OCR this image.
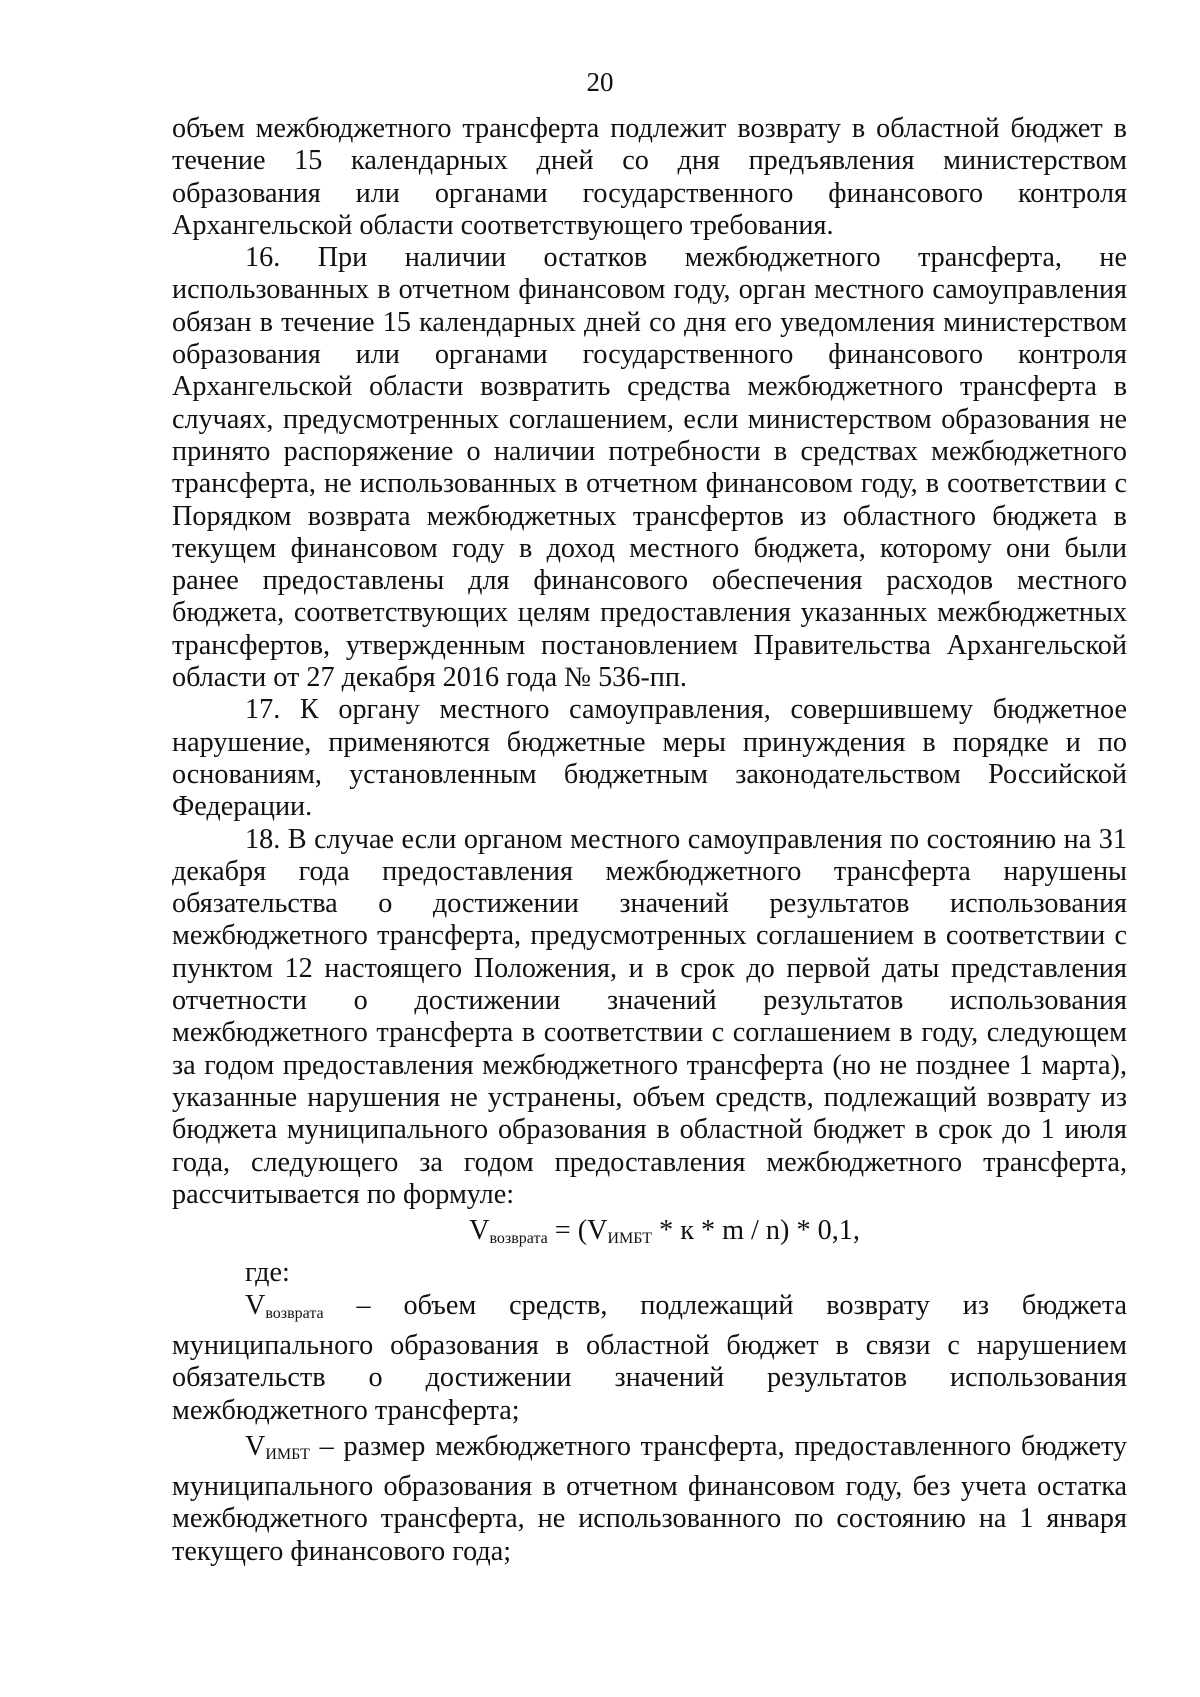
20

объем межбюджетного трансферта подлежит возврату в областной бюджет в течение 15 календарных дней со дня предъявления министерством образования или органами государственного финансового контроля Архангельской области соответствующего требования.

16. При наличии остатков межбюджетного трансферта, не использованных в отчетном финансовом году, орган местного самоуправления обязан в течение 15 календарных дней со дня его уведомления министерством образования или органами государственного финансового контроля Архангельской области возвратить средства межбюджетного трансферта в случаях, предусмотренных соглашением, если министерством образования не принято распоряжение о наличии потребности в средствах межбюджетного трансферта, не использованных в отчетном финансовом году, в соответствии с Порядком возврата межбюджетных трансфертов из областного бюджета в текущем финансовом году в доход местного бюджета, которому они были ранее предоставлены для финансового обеспечения расходов местного бюджета, соответствующих целям предоставления указанных межбюджетных трансфертов, утвержденным постановлением Правительства Архангельской области от 27 декабря 2016 года № 536-пп.

17. К органу местного самоуправления, совершившему бюджетное нарушение, применяются бюджетные меры принуждения в порядке и по основаниям, установленным бюджетным законодательством Российской Федерации.

18. В случае если органом местного самоуправления по состоянию на 31 декабря года предоставления межбюджетного трансферта нарушены обязательства о достижении значений результатов использования межбюджетного трансферта, предусмотренных соглашением в соответствии с пунктом 12 настоящего Положения, и в срок до первой даты представления отчетности о достижении значений результатов использования межбюджетного трансферта в соответствии с соглашением в году, следующем за годом предоставления межбюджетного трансферта (но не позднее 1 марта), указанные нарушения не устранены, объем средств, подлежащий возврату из бюджета муниципального образования в областной бюджет в срок до 1 июля года, следующего за годом предоставления межбюджетного трансферта, рассчитывается по формуле:

$V_{возврата} = (V_{ИМБТ} * к * m / n) * 0,1$,

где:

$V_{возврата}$ – объем средств, подлежащий возврату из бюджета муниципального образования в областной бюджет в связи с нарушением обязательств о достижении значений результатов использования межбюджетного трансферта;

$V_{ИМБТ}$ – размер межбюджетного трансферта, предоставленного бюджету муниципального образования в отчетном финансовом году, без учета остатка межбюджетного трансферта, не использованного по состоянию на 1 января текущего финансового года;
